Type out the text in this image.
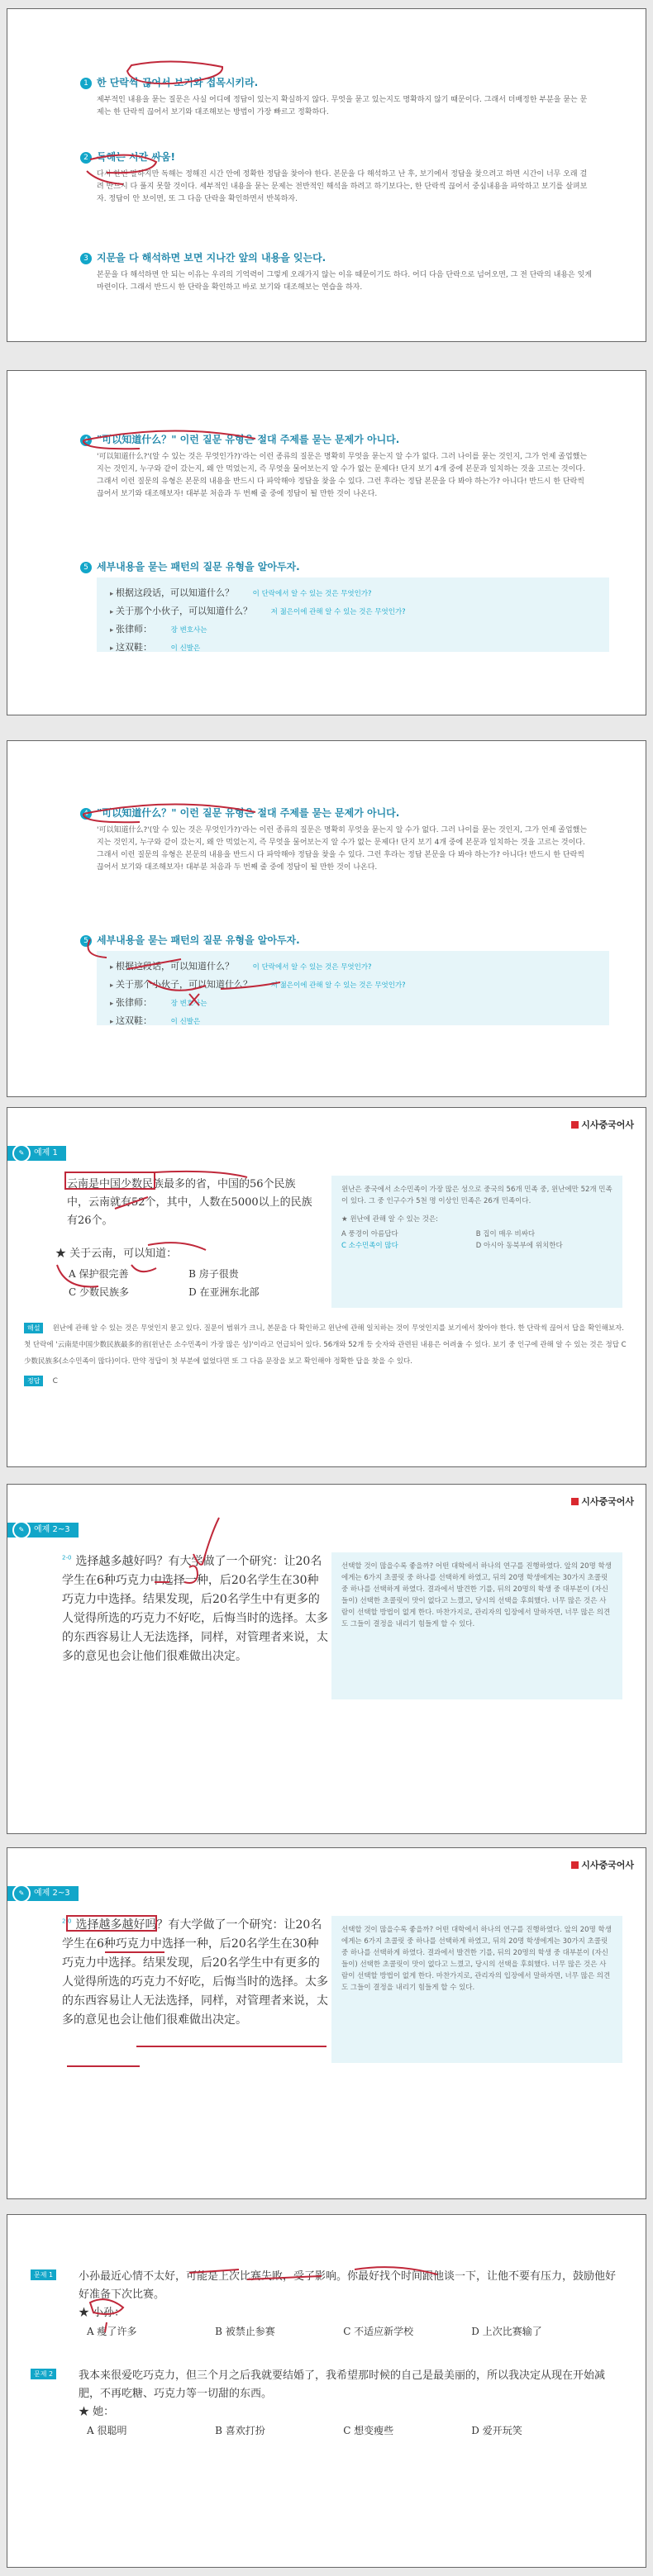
1 한 단락씩 끊어서 보기와 접목시키라.
제부적인 내용을 묻는 질문은 사실 어디에 정답이 있는지 확실하지 않다. 무엇을 묻고 있는지도 명확하지 않기 때문이다. 그래서 더배정한 부분을 묻는 문제는 한 단락씩 끊어서 보기와 대조해보는 방법이 가장 빠르고 정확하다.
2 독해는 시간 싸움!
다시 한번 말하지만 독해는 정해진 시간 안에 정확한 정답을 찾아야 한다. 본문을 다 해석하고 난 후, 보기에서 정답을 찾으려고 하면 시간이 너무 오래 걸려 반드시 다 풀지 못할 것이다. 세부적인 내용을 묻는 문제는 전반적인 해석을 하려고 하기보다는, 한 단락씩 끊어서 중심내용을 파악하고 보기를 살펴보자. 정답이 안 보이면, 또 그 다음 단락을 확인하면서 반복하자.
3 지문을 다 해석하면 보면 지나간 앞의 내용을 잊는다.
본문을 다 해석하면 안 되는 이유는 우리의 기억력이 그렇게 오래가지 않는 이유 때문이기도 하다. 어디 다음 단락으로 넘어오면, 그 전 단락의 내용은 잊게 마련이다. 그래서 반드시 한 단락을 확인하고 바로 보기와 대조해보는 연습을 하자.
4 "可以知道什么？" 이런 질문 유형은 절대 주제를 묻는 문제가 아니다.
'可以知道什么?'(알 수 있는 것은 무엇인가?)'라는 이런 종류의 질문은 명확히 무엇을 묻는지 알 수가 없다. 그러 나이를 묻는 것인지, 그가 언제 졸업했는지는 것인지, 누구와 같이 갔는지, 왜 안 먹었는지, 즉 무엇을 물어보는지 알 수가 없는 문제다! 단지 보기 4개 중에 본문과 일치하는 것을 고르는 것이다. 그래서 이런 질문의 유형은 본문의 내용을 반드시 다 파악해야 정답을 찾을 수 있다. 그런 후라는 정답 본문을 다 봐야 하는가? 아니다! 반드시 한 단락씩 끊어서 보기와 대조해보자! 대부분 처음과 두 번째 줄 중에 정답이 될 만한 것이 나온다.
5 세부내용을 묻는 패턴의 질문 유형을 알아두자.
▸ 根据这段话，可以知道什么？	이 단락에서 알 수 있는 것은 무엇인가?
▸ 关于那个小伙子，可以知道什么？	저 젊은이에 관해 알 수 있는 것은 무엇인가?
▸ 张律师：	장 변호사는
▸ 这双鞋：	이 신발은
4 "可以知道什么？" 이런 질문 유형은 절대 주제를 묻는 문제가 아니다.
'可以知道什么?'(알 수 있는 것은 무엇인가?)'라는 이런 종류의 질문은 명확히 무엇을 묻는지 알 수가 없다. 그러 나이를 묻는 것인지, 그가 언제 졸업했는지는 것인지, 누구와 같이 갔는지, 왜 안 먹었는지, 즉 무엇을 물어보는지 알 수가 없는 문제다! 단지 보기 4개 중에 본문과 일치하는 것을 고르는 것이다. 그래서 이런 질문의 유형은 본문의 내용을 반드시 다 파악해야 정답을 찾을 수 있다. 그런 후라는 정답 본문을 다 봐야 하는가? 아니다! 반드시 한 단락씩 끊어서 보기와 대조해보자! 대부분 처음과 두 번째 줄 중에 정답이 될 만한 것이 나온다.
5 세부내용을 묻는 패턴의 질문 유형을 알아두자.
▸ 根据这段话，可以知道什么？	이 단락에서 알 수 있는 것은 무엇인가?
▸ 关于那个小伙子，可以知道什么？	저 젊은이에 관해 알 수 있는 것은 무엇인가?
▸ 张律师：	장 변호사는
▸ 这双鞋：	이 신발은
시사중국어사
✎	예제 1
云南是中国少数民族最多的省，中国的56个民族中，云南就有52个，其中，人数在5000以上的民族有26个。
★ 关于云南，可以知道：
A 保护很完善	B 房子很贵 C 少数民族多	D 在亚洲东北部
윈난은 중국에서 소수민족이 가장 많은 성으로 중국의 56개 민족 중, 윈난에만 52개 민족이 있다. 그 중 인구수가 5천 명 이상인 민족은 26개 민족이다.
★ 윈난에 관해 알 수 있는 것은:
A 풍경이 아름답다	B 집이 매우 비싸다 C 소수민족이 많다	D 아시아 동북부에 위치한다
해설 윈난에 관해 알 수 있는 것은 무엇인지 묻고 있다. 질문이 범위가 크니, 본문을 다 확인하고 윈난에 관해 일치하는 것이 무엇인지를 보기에서 찾아야 한다. 한 단락씩 끊어서 답을 확인해보자. 첫 단락에 '云南是中国少数民族最多的省(윈난은 소수민족이 가장 많은 성)'이라고 언급되어 있다. 56개와 52개 등 숫자와 관련된 내용은 어려울 수 있다. 보기 중 인구에 관해 알 수 있는 것은 정답 C 少数民族多(소수민족이 많다)이다. 만약 정답이 첫 부분에 없었다면 또 그 다음 문장을 보고 확인해야 정확한 답을 찾을 수 있다.
정답 C
시사중국어사
✎	예제 2~3
$^{2-0}$ 选择越多越好吗？有大学做了一个研究：让20名学生在6种巧克力中选择一种，后20名学生在30种巧克力中选择。结果发现，后20名学生中有更多的人觉得所选的巧克力不好吃，后悔当时的选择。太多的东西容易让人无法选择，同样，对管理者来说，太多的意见也会让他们很难做出决定。
선택할 것이 많을수록 좋을까? 어떤 대학에서 하나의 연구를 진행하였다. 앞의 20명 학생에게는 6가지 초콜릿 중 하나를 선택하게 하였고, 뒤의 20명 학생에게는 30가지 초콜릿 중 하나를 선택하게 하였다. 결과에서 발견한 기를, 뒤의 20명의 학생 중 대부분이 (자신들이) 선택한 초콜릿이 맛이 없다고 느꼈고, 당시의 선택을 후회했다. 너무 많은 것은 사람이 선택할 방법이 없게 한다. 마찬가지로, 관리자의 입장에서 말하자면, 너무 많은 의견도 그들이 결정을 내리기 힘들게 할 수 있다.
시사중국어사
✎	예제 2~3
$^{2-0}$ 选择越多越好吗？有大学做了一个研究：让20名学生在6种巧克力中选择一种，后20名学生在30种巧克力中选择。结果发现，后20名学生中有更多的人觉得所选的巧克力不好吃，后悔当时的选择。太多的东西容易让人无法选择，同样，对管理者来说，太多的意见也会让他们很难做出决定。
선택할 것이 많을수록 좋을까? 어떤 대학에서 하나의 연구를 진행하였다. 앞의 20명 학생에게는 6가지 초콜릿 중 하나를 선택하게 하였고, 뒤의 20명 학생에게는 30가지 초콜릿 중 하나를 선택하게 하였다. 결과에서 발견한 기를, 뒤의 20명의 학생 중 대부분이 (자신들이) 선택한 초콜릿이 맛이 없다고 느꼈고, 당시의 선택을 후회했다. 너무 많은 것은 사람이 선택할 방법이 없게 한다. 마찬가지로, 관리자의 입장에서 말하자면, 너무 많은 의견도 그들이 결정을 내리기 힘들게 할 수 있다.
문제 1	小孙最近心情不太好，可能是上次比赛失败，受了影响。你最好找个时间跟他谈一下，让他不要有压力，鼓励他好好准备下次比赛。
★ 小孙：
A 瘦了许多	B 被禁止参赛	C 不适应新学校	D 上次比赛输了
문제 2	我本来很爱吃巧克力，但三个月之后我就要结婚了，我希望那时候的自己是最美丽的，所以我决定从现在开始减肥，不再吃糖、巧克力等一切甜的东西。
★ 她：
A 很聪明	B 喜欢打扮	C 想变瘦些	D 爱开玩笑
